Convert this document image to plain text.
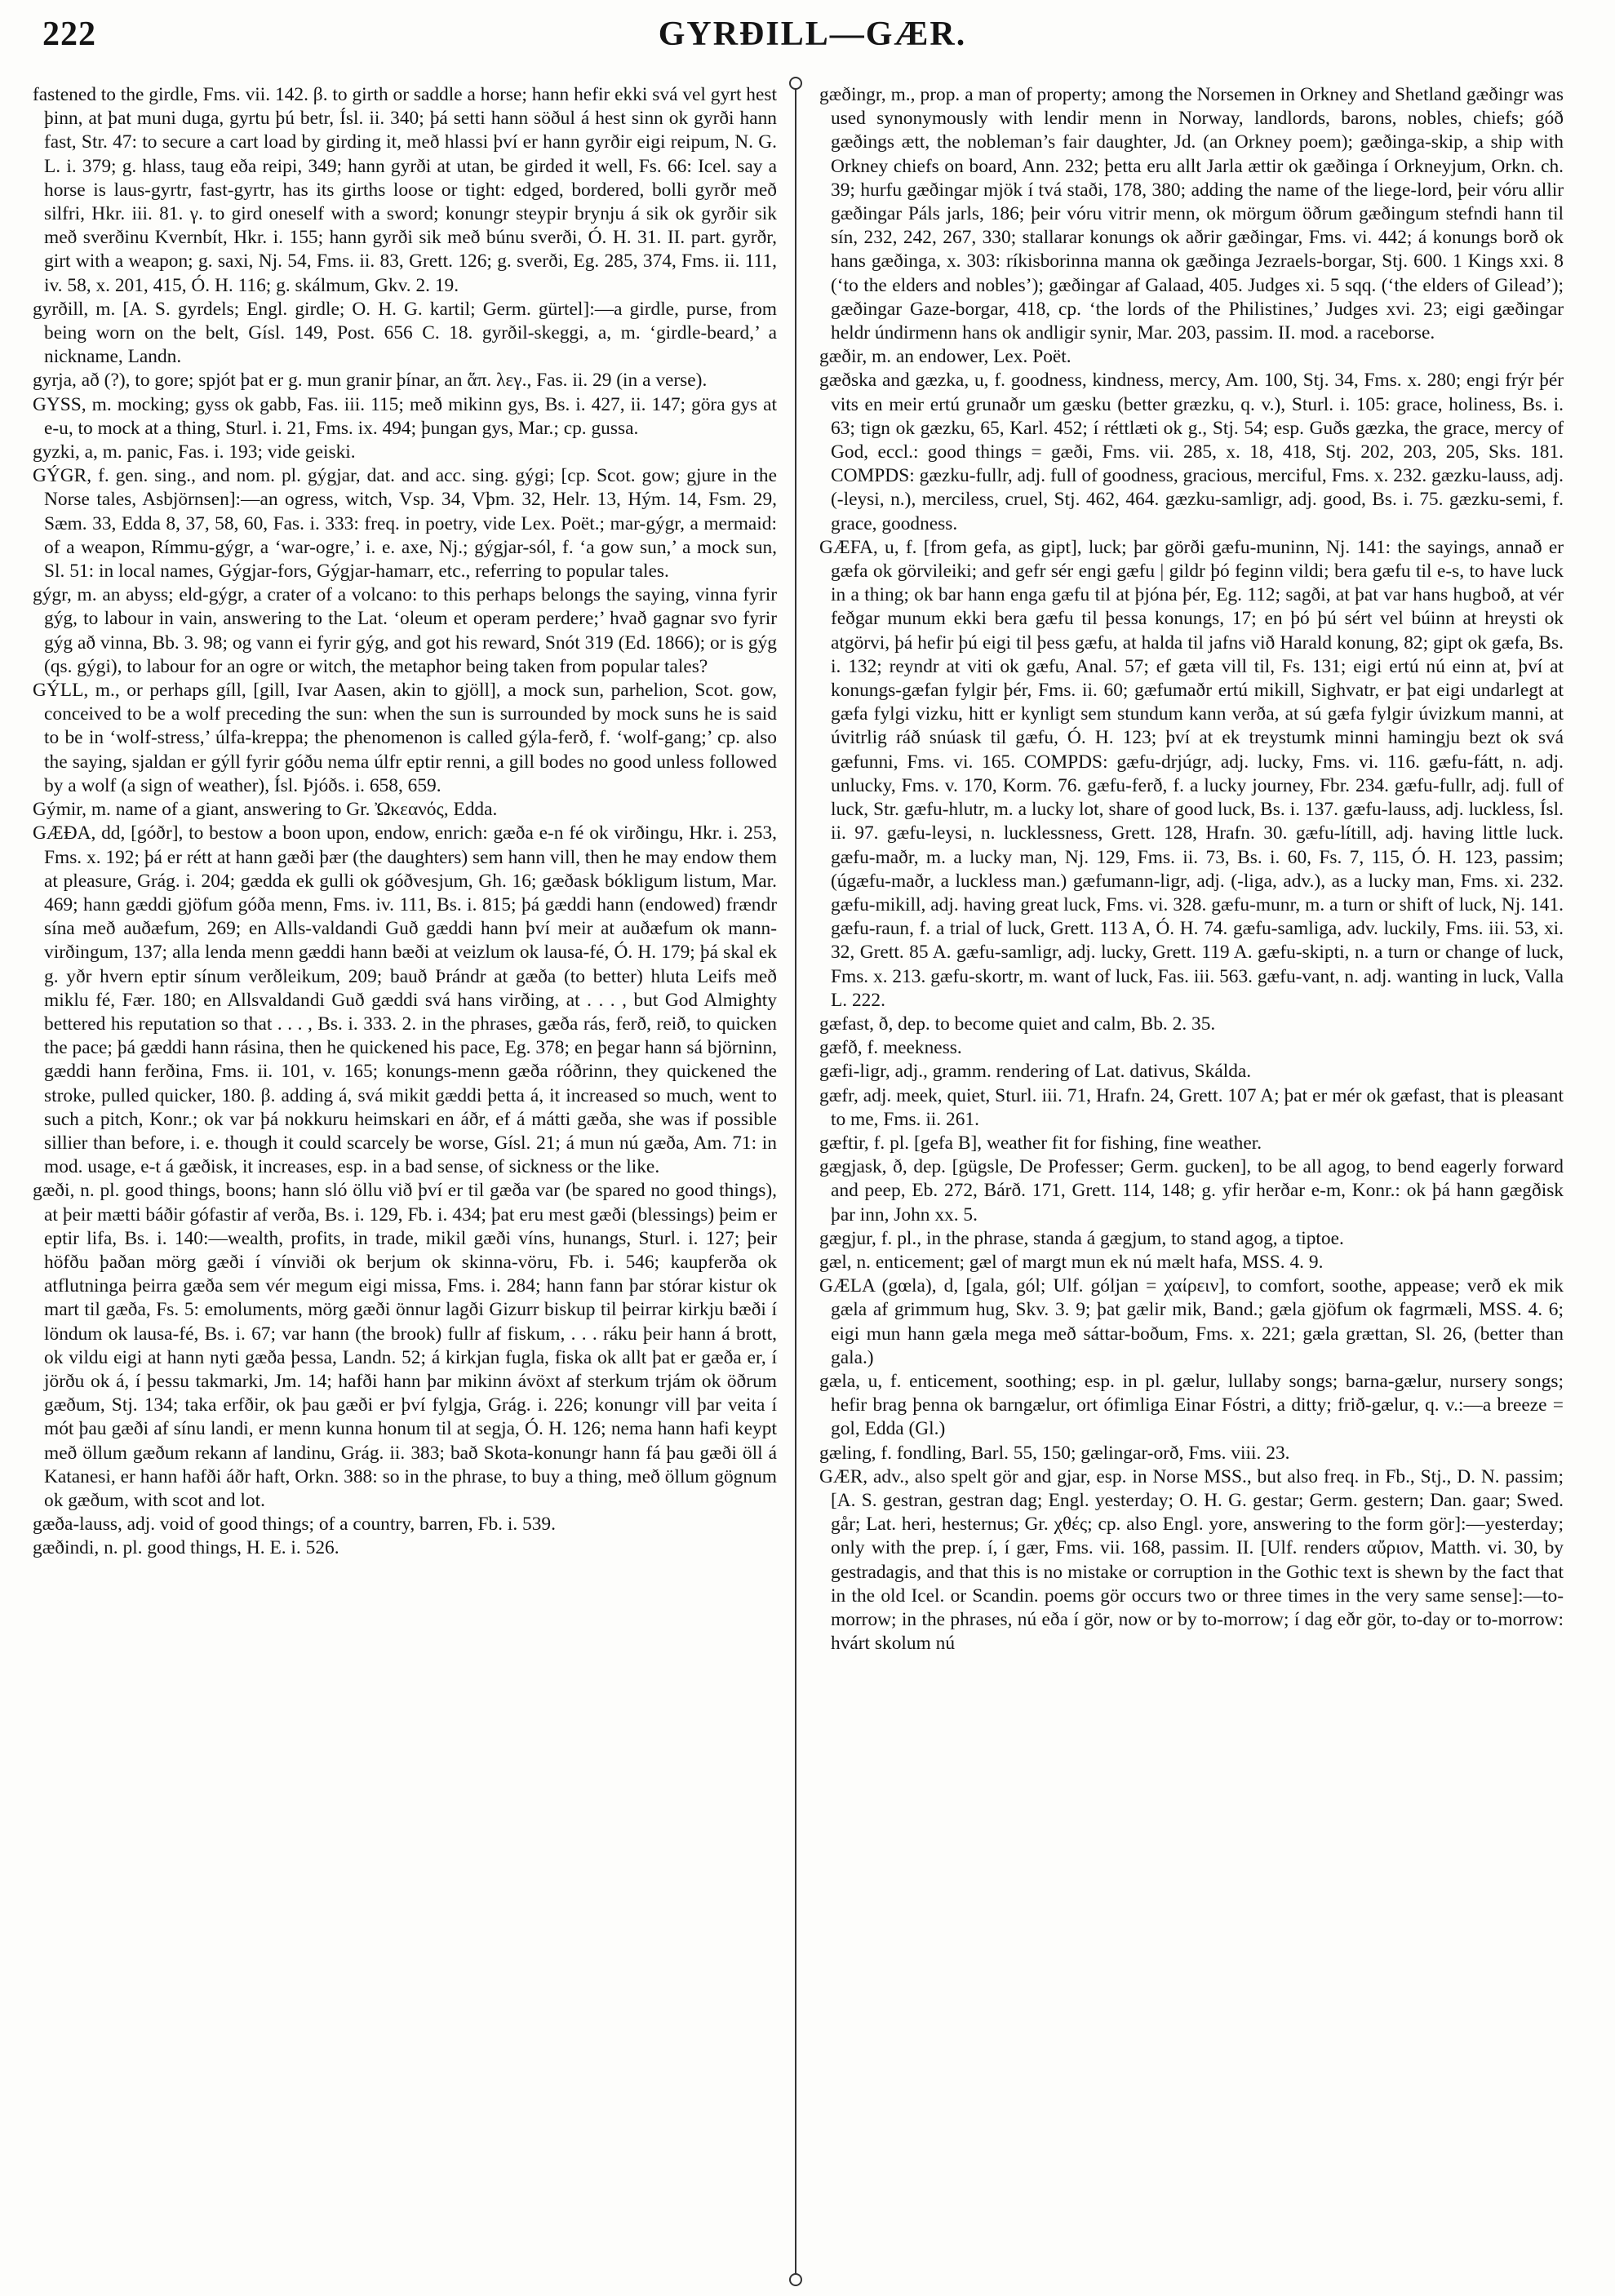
222	GYRÐILL—GÆR.

fastened to the girdle, Fms. vii. 142. β. to girth or saddle a horse; hann hefir ekki svá vel gyrt hest þinn, at þat muni duga, gyrtu þú betr, Ísl. ii. 340; þá setti hann söðul á hest sinn ok gyrði hann fast, Str. 47: to secure a cart load by girding it, með hlassi því er hann gyrðir eigi reipum, N. G. L. i. 379; g. hlass, taug eða reipi, 349; hann gyrði at utan, be girded it well, Fs. 66: Icel. say a horse is laus-gyrtr, fast-gyrtr, has its girths loose or tight: edged, bordered, bolli gyrðr með silfri, Hkr. iii. 81. γ. to gird oneself with a sword; konungr steypir brynju á sik ok gyrðir sik með sverðinu Kvernbít, Hkr. i. 155; hann gyrði sik með búnu sverði, Ó. H. 31. II. part. gyrðr, girt with a weapon; g. saxi, Nj. 54, Fms. ii. 83, Grett. 126; g. sverði, Eg. 285, 374, Fms. ii. 111, iv. 58, x. 201, 415, Ó. H. 116; g. skálmum, Gkv. 2. 19.

gyrðill, m. [A. S. gyrdels; Engl. girdle; O. H. G. kartil; Germ. gürtel]:—a girdle, purse, from being worn on the belt, Gísl. 149, Post. 656 C. 18. gyrðil-skeggi, a, m. ‘girdle-beard,’ a nickname, Landn.

gyrja, að (?), to gore; spjót þat er g. mun granir þínar, an ἅπ. λεγ., Fas. ii. 29 (in a verse).

GYSS, m. mocking; gyss ok gabb, Fas. iii. 115; með mikinn gys, Bs. i. 427, ii. 147; göra gys at e-u, to mock at a thing, Sturl. i. 21, Fms. ix. 494; þungan gys, Mar.; cp. gussa.

gyzki, a, m. panic, Fas. i. 193; vide geiski.

GÝGR, f. gen. sing., and nom. pl. gýgjar, dat. and acc. sing. gýgi; [cp. Scot. gow; gjure in the Norse tales, Asbjörnsen]:—an ogress, witch, Vsp. 34, Vþm. 32, Helr. 13, Hým. 14, Fsm. 29, Sæm. 33, Edda 8, 37, 58, 60, Fas. i. 333: freq. in poetry, vide Lex. Poët.; mar-gýgr, a mermaid: of a weapon, Rímmu-gýgr, a ‘war-ogre,’ i. e. axe, Nj.; gýgjar-sól, f. ‘a gow sun,’ a mock sun, Sl. 51: in local names, Gýgjar-fors, Gýgjar-hamarr, etc., referring to popular tales.

gýgr, m. an abyss; eld-gýgr, a crater of a volcano: to this perhaps belongs the saying, vinna fyrir gýg, to labour in vain, answering to the Lat. ‘oleum et operam perdere;’ hvað gagnar svo fyrir gýg að vinna, Bb. 3. 98; og vann ei fyrir gýg, and got his reward, Snót 319 (Ed. 1866); or is gýg (qs. gýgi), to labour for an ogre or witch, the metaphor being taken from popular tales?

GÝLL, m., or perhaps gíll, [gill, Ivar Aasen, akin to gjöll], a mock sun, parhelion, Scot. gow, conceived to be a wolf preceding the sun: when the sun is surrounded by mock suns he is said to be in ‘wolf-stress,’ úlfa-kreppa; the phenomenon is called gýla-ferð, f. ‘wolf-gang;’ cp. also the saying, sjaldan er gýll fyrir góðu nema úlfr eptir renni, a gill bodes no good unless followed by a wolf (a sign of weather), Ísl. Þjóðs. i. 658, 659.

Gýmir, m. name of a giant, answering to Gr. Ὠκεανός, Edda.

GÆÐA, dd, [góðr], to bestow a boon upon, endow, enrich: gæða e-n fé ok virðingu, Hkr. i. 253, Fms. x. 192; þá er rétt at hann gæði þær (the daughters) sem hann vill, then he may endow them at pleasure, Grág. i. 204; gædda ek gulli ok góðvesjum, Gh. 16; gæðask bókligum listum, Mar. 469; hann gæddi gjöfum góða menn, Fms. iv. 111, Bs. i. 815; þá gæddi hann (endowed) frændr sína með auðæfum, 269; en Alls-valdandi Guð gæddi hann því meir at auðæfum ok mann-virðingum, 137; alla lenda menn gæddi hann bæði at veizlum ok lausa-fé, Ó. H. 179; þá skal ek g. yðr hvern eptir sínum verðleikum, 209; bauð Þrándr at gæða (to better) hluta Leifs með miklu fé, Fær. 180; en Allsvaldandi Guð gæddi svá hans virðing, at . . . , but God Almighty bettered his reputation so that . . . , Bs. i. 333. 2. in the phrases, gæða rás, ferð, reið, to quicken the pace; þá gæddi hann rásina, then he quickened his pace, Eg. 378; en þegar hann sá björninn, gæddi hann ferðina, Fms. ii. 101, v. 165; konungs-menn gæða róðrinn, they quickened the stroke, pulled quicker, 180. β. adding á, svá mikit gæddi þetta á, it increased so much, went to such a pitch, Konr.; ok var þá nokkuru heimskari en áðr, ef á mátti gæða, she was if possible sillier than before, i. e. though it could scarcely be worse, Gísl. 21; á mun nú gæða, Am. 71: in mod. usage, e-t á gæðisk, it increases, esp. in a bad sense, of sickness or the like.

gæði, n. pl. good things, boons; hann sló öllu við því er til gæða var (be spared no good things), at þeir mætti báðir gófastir af verða, Bs. i. 129, Fb. i. 434; þat eru mest gæði (blessings) þeim er eptir lifa, Bs. i. 140:—wealth, profits, in trade, mikil gæði víns, hunangs, Sturl. i. 127; þeir höfðu þaðan mörg gæði í vínviði ok berjum ok skinna-vöru, Fb. i. 546; kaupferða ok atflutninga þeirra gæða sem vér megum eigi missa, Fms. i. 284; hann fann þar stórar kistur ok mart til gæða, Fs. 5: emoluments, mörg gæði önnur lagði Gizurr biskup til þeirrar kirkju bæði í löndum ok lausa-fé, Bs. i. 67; var hann (the brook) fullr af fiskum, . . . ráku þeir hann á brott, ok vildu eigi at hann nyti gæða þessa, Landn. 52; á kirkjan fugla, fiska ok allt þat er gæða er, í jörðu ok á, í þessu takmarki, Jm. 14; hafði hann þar mikinn ávöxt af sterkum trjám ok öðrum gæðum, Stj. 134; taka erfðir, ok þau gæði er því fylgja, Grág. i. 226; konungr vill þar veita í mót þau gæði af sínu landi, er menn kunna honum til at segja, Ó. H. 126; nema hann hafi keypt með öllum gæðum rekann af landinu, Grág. ii. 383; bað Skota-konungr hann fá þau gæði öll á Katanesi, er hann hafði áðr haft, Orkn. 388: so in the phrase, to buy a thing, með öllum gögnum ok gæðum, with scot and lot.

gæða-lauss, adj. void of good things; of a country, barren, Fb. i. 539.

gæðindi, n. pl. good things, H. E. i. 526.

gæðingr, m., prop. a man of property; among the Norsemen in Orkney and Shetland gæðingr was used synonymously with lendir menn in Norway, landlords, barons, nobles, chiefs; góð gæðings ætt, the nobleman’s fair daughter, Jd. (an Orkney poem); gæðinga-skip, a ship with Orkney chiefs on board, Ann. 232; þetta eru allt Jarla ættir ok gæðinga í Orkneyjum, Orkn. ch. 39; hurfu gæðingar mjök í tvá staði, 178, 380; adding the name of the liege-lord, þeir vóru allir gæðingar Páls jarls, 186; þeir vóru vitrir menn, ok mörgum öðrum gæðingum stefndi hann til sín, 232, 242, 267, 330; stallarar konungs ok aðrir gæðingar, Fms. vi. 442; á konungs borð ok hans gæðinga, x. 303: ríkisborinna manna ok gæðinga Jezraels-borgar, Stj. 600. 1 Kings xxi. 8 (‘to the elders and nobles’); gæðingar af Galaad, 405. Judges xi. 5 sqq. (‘the elders of Gilead’); gæðingar Gaze-borgar, 418, cp. ‘the lords of the Philistines,’ Judges xvi. 23; eigi gæðingar heldr úndirmenn hans ok andligir synir, Mar. 203, passim. II. mod. a raceborse.

gæðir, m. an endower, Lex. Poët.

gæðska and gæzka, u, f. goodness, kindness, mercy, Am. 100, Stj. 34, Fms. x. 280; engi frýr þér vits en meir ertú grunaðr um gæsku (better græzku, q. v.), Sturl. i. 105: grace, holiness, Bs. i. 63; tign ok gæzku, 65, Karl. 452; í réttlæti ok g., Stj. 54; esp. Guðs gæzka, the grace, mercy of God, eccl.: good things = gæði, Fms. vii. 285, x. 18, 418, Stj. 202, 203, 205, Sks. 181. COMPDS: gæzku-fullr, adj. full of goodness, gracious, merciful, Fms. x. 232. gæzku-lauss, adj. (-leysi, n.), merciless, cruel, Stj. 462, 464. gæzku-samligr, adj. good, Bs. i. 75. gæzku-semi, f. grace, goodness.

GÆFA, u, f. [from gefa, as gipt], luck; þar görði gæfu-muninn, Nj. 141: the sayings, annað er gæfa ok görvileiki; and gefr sér engi gæfu | gildr þó feginn vildi; bera gæfu til e-s, to have luck in a thing; ok bar hann enga gæfu til at þjóna þér, Eg. 112; sagði, at þat var hans hugboð, at vér feðgar munum ekki bera gæfu til þessa konungs, 17; en þó þú sért vel búinn at hreysti ok atgörvi, þá hefir þú eigi til þess gæfu, at halda til jafns við Harald konung, 82; gipt ok gæfa, Bs. i. 132; reyndr at viti ok gæfu, Anal. 57; ef gæta vill til, Fs. 131; eigi ertú nú einn at, því at konungs-gæfan fylgir þér, Fms. ii. 60; gæfumaðr ertú mikill, Sighvatr, er þat eigi undarlegt at gæfa fylgi vizku, hitt er kynligt sem stundum kann verða, at sú gæfa fylgir úvizkum manni, at úvitrlig ráð snúask til gæfu, Ó. H. 123; því at ek treystumk minni hamingju bezt ok svá gæfunni, Fms. vi. 165. COMPDS: gæfu-drjúgr, adj. lucky, Fms. vi. 116. gæfu-fátt, n. adj. unlucky, Fms. v. 170, Korm. 76. gæfu-ferð, f. a lucky journey, Fbr. 234. gæfu-fullr, adj. full of luck, Str. gæfu-hlutr, m. a lucky lot, share of good luck, Bs. i. 137. gæfu-lauss, adj. luckless, Ísl. ii. 97. gæfu-leysi, n. lucklessness, Grett. 128, Hrafn. 30. gæfu-lítill, adj. having little luck. gæfu-maðr, m. a lucky man, Nj. 129, Fms. ii. 73, Bs. i. 60, Fs. 7, 115, Ó. H. 123, passim; (úgæfu-maðr, a luckless man.) gæfumann-ligr, adj. (-liga, adv.), as a lucky man, Fms. xi. 232. gæfu-mikill, adj. having great luck, Fms. vi. 328. gæfu-munr, m. a turn or shift of luck, Nj. 141. gæfu-raun, f. a trial of luck, Grett. 113 A, Ó. H. 74. gæfu-samliga, adv. luckily, Fms. iii. 53, xi. 32, Grett. 85 A. gæfu-samligr, adj. lucky, Grett. 119 A. gæfu-skipti, n. a turn or change of luck, Fms. x. 213. gæfu-skortr, m. want of luck, Fas. iii. 563. gæfu-vant, n. adj. wanting in luck, Valla L. 222.

gæfast, ð, dep. to become quiet and calm, Bb. 2. 35.

gæfð, f. meekness.

gæfi-ligr, adj., gramm. rendering of Lat. dativus, Skálda.

gæfr, adj. meek, quiet, Sturl. iii. 71, Hrafn. 24, Grett. 107 A; þat er mér ok gæfast, that is pleasant to me, Fms. ii. 261.

gæftir, f. pl. [gefa B], weather fit for fishing, fine weather.

gægjask, ð, dep. [gügsle, De Professer; Germ. gucken], to be all agog, to bend eagerly forward and peep, Eb. 272, Bárð. 171, Grett. 114, 148; g. yfir herðar e-m, Konr.: ok þá hann gægðisk þar inn, John xx. 5.

gægjur, f. pl., in the phrase, standa á gægjum, to stand agog, a tiptoe.

gæl, n. enticement; gæl of margt mun ek nú mælt hafa, MSS. 4. 9.

GÆLA (gœla), d, [gala, gól; Ulf. góljan = χαίρειν], to comfort, soothe, appease; verð ek mik gæla af grimmum hug, Skv. 3. 9; þat gælir mik, Band.; gæla gjöfum ok fagrmæli, MSS. 4. 6; eigi mun hann gæla mega með sáttar-boðum, Fms. x. 221; gæla grættan, Sl. 26, (better than gala.)

gæla, u, f. enticement, soothing; esp. in pl. gælur, lullaby songs; barna-gælur, nursery songs; hefir brag þenna ok barngælur, ort ófimliga Einar Fóstri, a ditty; frið-gælur, q. v.:—a breeze = gol, Edda (Gl.)

gæling, f. fondling, Barl. 55, 150; gælingar-orð, Fms. viii. 23.

GÆR, adv., also spelt gör and gjar, esp. in Norse MSS., but also freq. in Fb., Stj., D. N. passim; [A. S. gestran, gestran dag; Engl. yesterday; O. H. G. gestar; Germ. gestern; Dan. gaar; Swed. går; Lat. heri, hesternus; Gr. χθές; cp. also Engl. yore, answering to the form gör]:—yesterday; only with the prep. í, í gær, Fms. vii. 168, passim. II. [Ulf. renders αὔριον, Matth. vi. 30, by gestradagis, and that this is no mistake or corruption in the Gothic text is shewn by the fact that in the old Icel. or Scandin. poems gör occurs two or three times in the very same sense]:—to-morrow; in the phrases, nú eða í gör, now or by to-morrow; í dag eðr gör, to-day or to-morrow: hvárt skolum nú
